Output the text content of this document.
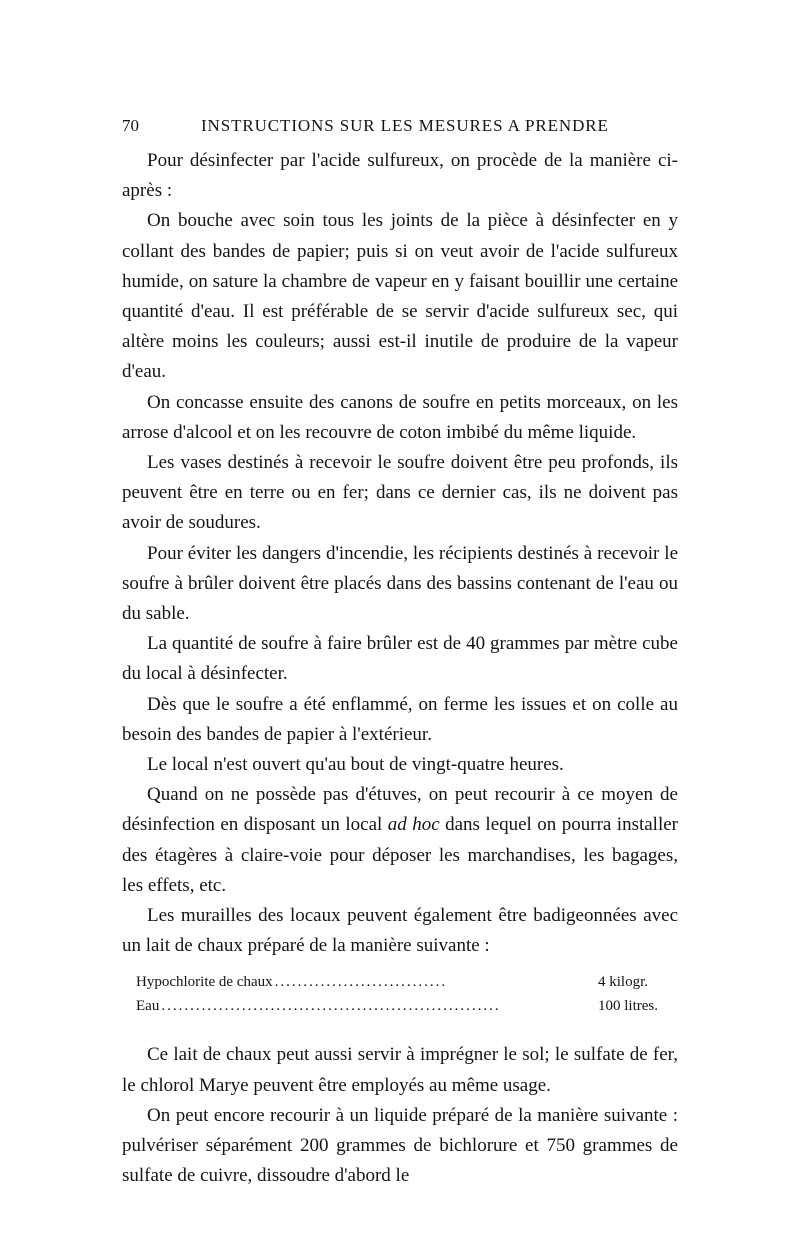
70	INSTRUCTIONS SUR LES MESURES A PRENDRE

Pour désinfecter par l'acide sulfureux, on procède de la manière ci-après :

On bouche avec soin tous les joints de la pièce à désinfecter en y collant des bandes de papier; puis si on veut avoir de l'acide sulfureux humide, on sature la chambre de vapeur en y faisant bouillir une certaine quantité d'eau. Il est préférable de se servir d'acide sulfureux sec, qui altère moins les couleurs; aussi est-il inutile de produire de la vapeur d'eau.

On concasse ensuite des canons de soufre en petits morceaux, on les arrose d'alcool et on les recouvre de coton imbibé du même liquide.

Les vases destinés à recevoir le soufre doivent être peu profonds, ils peuvent être en terre ou en fer; dans ce dernier cas, ils ne doivent pas avoir de soudures.

Pour éviter les dangers d'incendie, les récipients destinés à recevoir le soufre à brûler doivent être placés dans des bassins contenant de l'eau ou du sable.

La quantité de soufre à faire brûler est de 40 grammes par mètre cube du local à désinfecter.

Dès que le soufre a été enflammé, on ferme les issues et on colle au besoin des bandes de papier à l'extérieur.

Le local n'est ouvert qu'au bout de vingt-quatre heures.

Quand on ne possède pas d'étuves, on peut recourir à ce moyen de désinfection en disposant un local ad hoc dans lequel on pourra installer des étagères à claire-voie pour déposer les marchandises, les bagages, les effets, etc.

Les murailles des locaux peuvent également être badigeonnées avec un lait de chaux préparé de la manière suivante :

Hypochlorite de chaux ..............................	4 kilogr.
Eau ...........................................................	100 litres.

Ce lait de chaux peut aussi servir à imprégner le sol; le sulfate de fer, le chlorol Marye peuvent être employés au même usage.

On peut encore recourir à un liquide préparé de la manière suivante : pulvériser séparément 200 grammes de bichlorure et 750 grammes de sulfate de cuivre, dissoudre d'abord le
